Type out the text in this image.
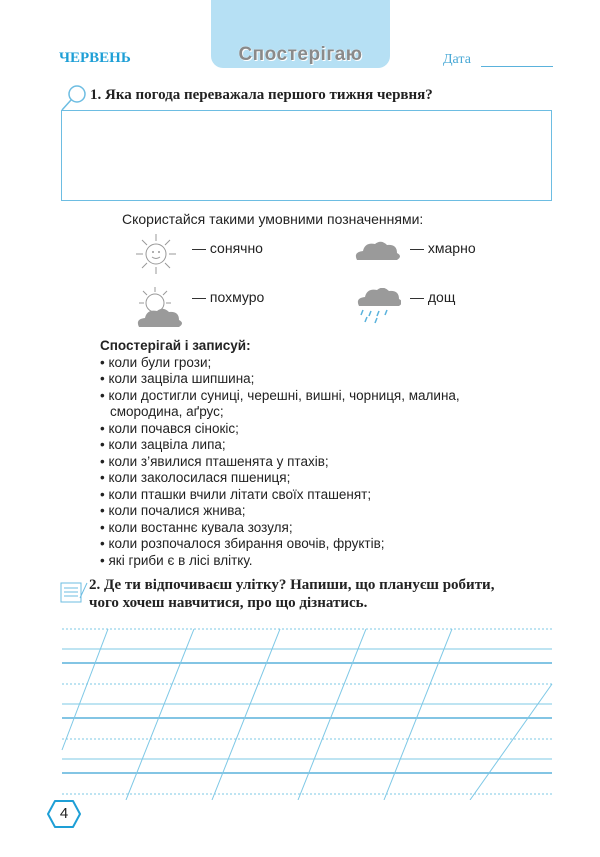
Спостерігаю
ЧЕРВЕНЬ	Дата
1. Яка погода переважала першого тижня червня?
Скористайся такими умовними позначеннями:
— сонячно	— хмарно
— похмуро	— дощ
Спостерігай і записуй:
• коли були грози;
• коли зацвіла шипшина;
• коли достигли суниці, черешні, вишні, чорниця, малина, смородина, аґрус;
• коли почався сінокіс;
• коли зацвіла липа;
• коли з’явилися пташенята у птахів;
• коли заколосилася пшениця;
• коли пташки вчили літати своїх пташенят;
• коли почалися жнива;
• коли востаннє кувала зозуля;
• коли розпочалося збирання овочів, фруктів;
• які гриби є в лісі влітку.
2. Де ти відпочиваєш улітку? Напиши, що плануєш робити,
чого хочеш навчитися, про що дізнатись.
4
